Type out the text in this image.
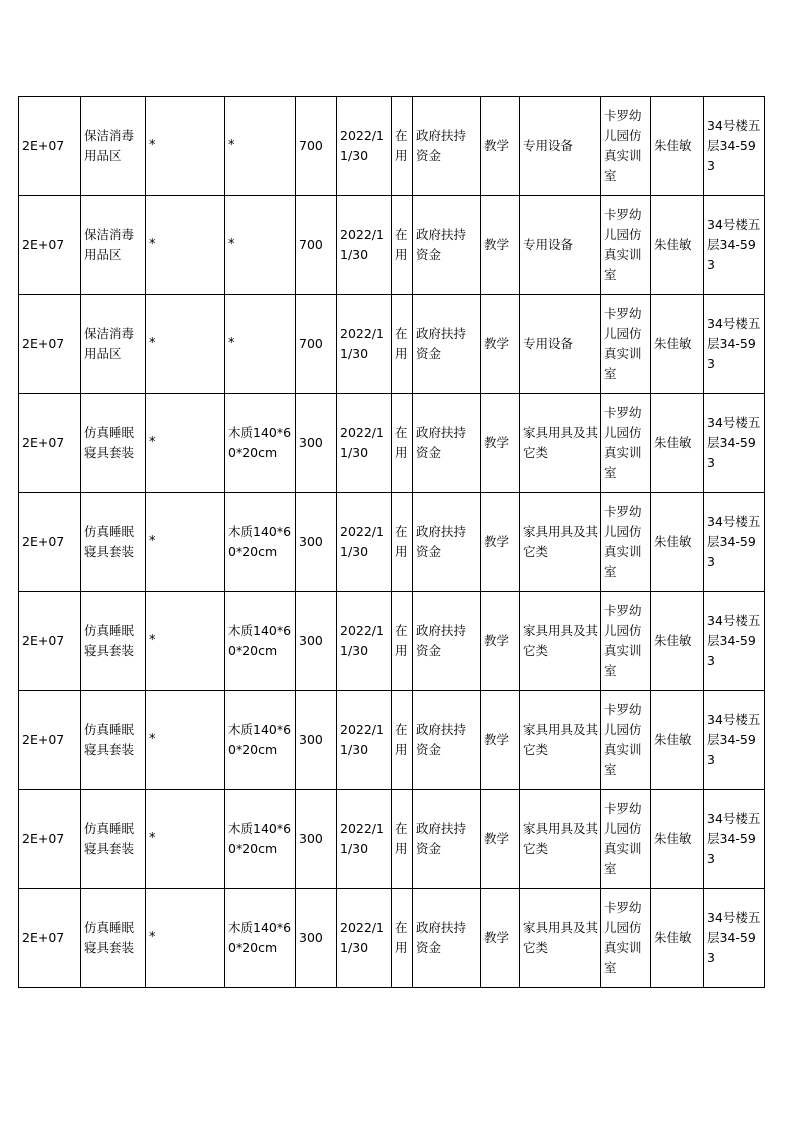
2E+07	保洁消毒用品区	*	*	700	2022/11/30	在用	政府扶持资金	教学	专用设备	卡罗幼儿园仿真实训室	朱佳敏	34号楼五层34-593
2E+07	保洁消毒用品区	*	*	700	2022/11/30	在用	政府扶持资金	教学	专用设备	卡罗幼儿园仿真实训室	朱佳敏	34号楼五层34-593
2E+07	保洁消毒用品区	*	*	700	2022/11/30	在用	政府扶持资金	教学	专用设备	卡罗幼儿园仿真实训室	朱佳敏	34号楼五层34-593
2E+07	仿真睡眠寝具套装	*	木质140*60*20cm	300	2022/11/30	在用	政府扶持资金	教学	家具用具及其它类	卡罗幼儿园仿真实训室	朱佳敏	34号楼五层34-593
2E+07	仿真睡眠寝具套装	*	木质140*60*20cm	300	2022/11/30	在用	政府扶持资金	教学	家具用具及其它类	卡罗幼儿园仿真实训室	朱佳敏	34号楼五层34-593
2E+07	仿真睡眠寝具套装	*	木质140*60*20cm	300	2022/11/30	在用	政府扶持资金	教学	家具用具及其它类	卡罗幼儿园仿真实训室	朱佳敏	34号楼五层34-593
2E+07	仿真睡眠寝具套装	*	木质140*60*20cm	300	2022/11/30	在用	政府扶持资金	教学	家具用具及其它类	卡罗幼儿园仿真实训室	朱佳敏	34号楼五层34-593
2E+07	仿真睡眠寝具套装	*	木质140*60*20cm	300	2022/11/30	在用	政府扶持资金	教学	家具用具及其它类	卡罗幼儿园仿真实训室	朱佳敏	34号楼五层34-593
2E+07	仿真睡眠寝具套装	*	木质140*60*20cm	300	2022/11/30	在用	政府扶持资金	教学	家具用具及其它类	卡罗幼儿园仿真实训室	朱佳敏	34号楼五层34-593
